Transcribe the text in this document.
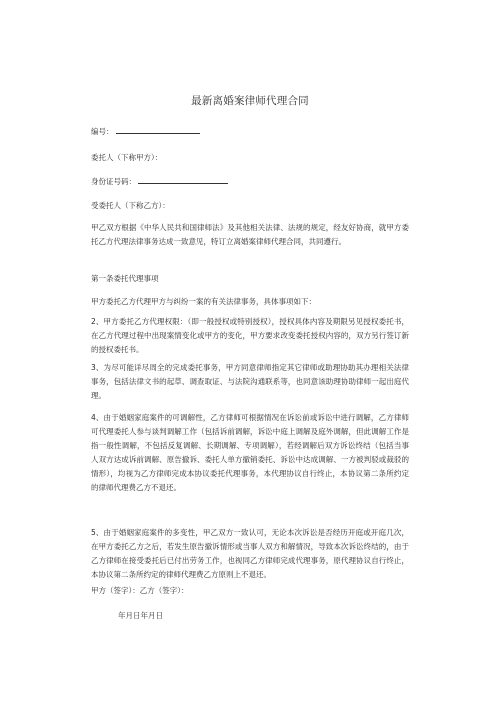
最新离婚案律师代理合同
编号：
委托人（下称甲方）：
身份证号码：
受委托人（下称乙方）：
甲乙双方根据《中华人民共和国律师法》及其他相关法律、法规的规定，经友好协商，就甲方委托乙方代理法律事务达成一致意见，特订立离婚案律师代理合同，共同遵行。
第一条委托代理事项
甲方委托乙方代理甲方与纠纷一案的有关法律事务，具体事项如下：
2、甲方委托乙方代理权限：（即一般授权或特别授权），授权具体内容及期限另见授权委托书，在乙方代理过程中出现案情变化或甲方的变化，甲方要求改变委托授权内容的，双方另行签订新的授权委托书。
3、为尽可能详尽周全的完成委托事务，甲方同意律师指定其它律师或助理协助其办理相关法律事务，包括法律文书的起草、调查取证、与法院沟通联系等，也同意该助理协助律师一起出庭代理。
4、由于婚姻家庭案件的可调解性，乙方律师可根据情况在诉讼前或诉讼中进行调解，乙方律师可代理委托人参与谈判调解工作（包括诉前调解，诉讼中庭上调解及庭外调解，但此调解工作是指一般性调解，不包括反复调解、长期调解、专项调解），若经调解后双方诉讼终结（包括当事人双方达成诉前调解、原告撤诉、委托人单方撤销委托、诉讼中达成调解、一方被判驳或裁驳的情形），均视为乙方律师完成本协议委托代理事务，本代理协议自行终止，本协议第二条所约定的律师代理费乙方不退还。
5、由于婚姻家庭案件的多变性，甲乙双方一致认可，无论本次诉讼是否经历开庭或开庭几次，在甲方委托乙方之后，若发生原告撤诉情形或当事人双方和解情况，导致本次诉讼终结的，由于乙方律师在接受委托后已付出劳务工作，也视同乙方律师完成代理事务，原代理协议自行终止，本协议第二条所约定的律师代理费乙方原则上不退还。
甲方（签字）：乙方（签字）：
年月日年月日
